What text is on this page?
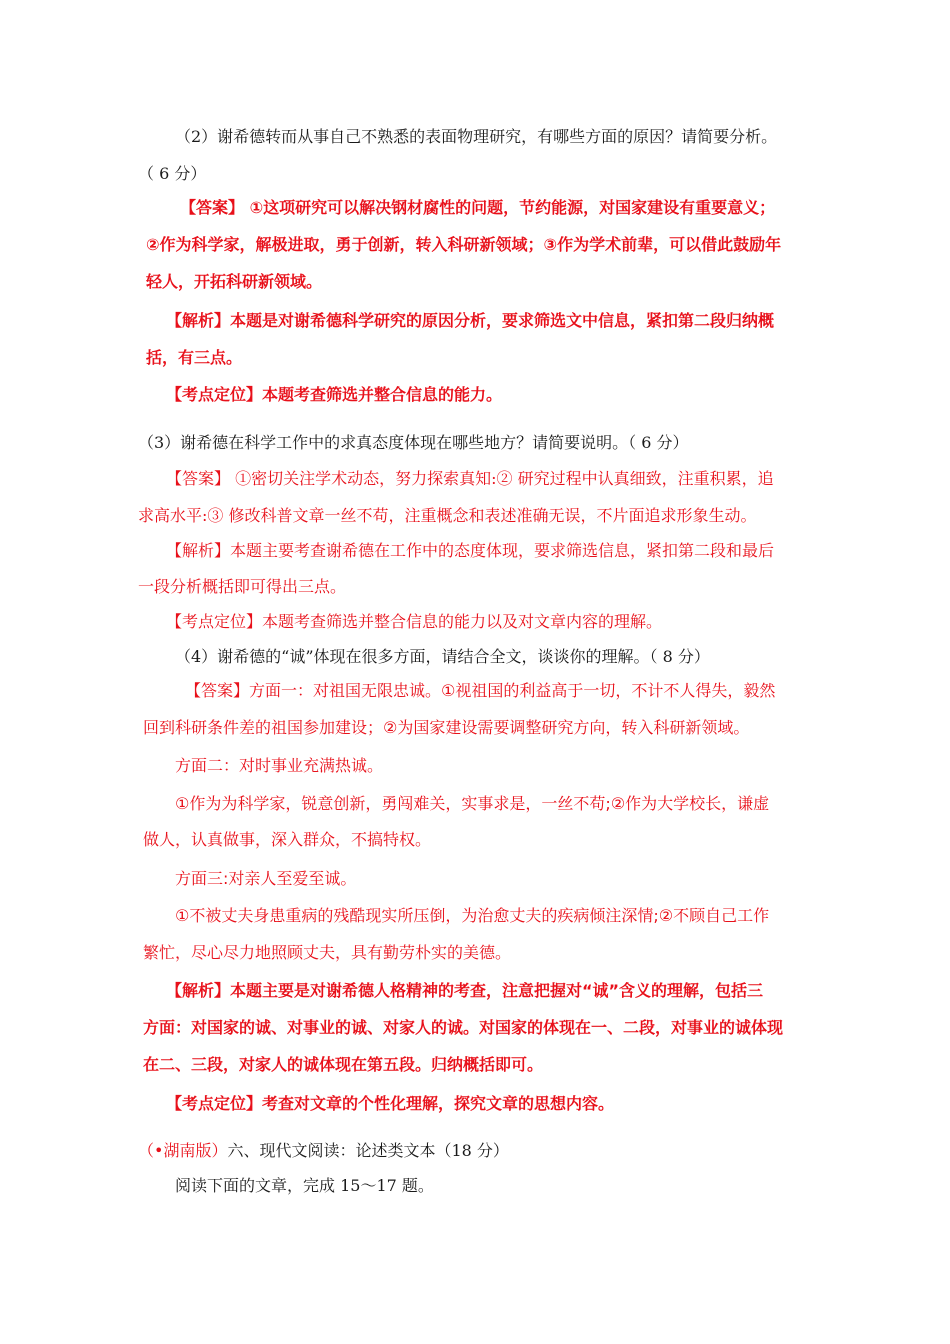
（2）谢希德转而从事自己不熟悉的表面物理研究，有哪些方面的原因？请简要分析。
（ 6 分）
【答案】 ①这项研究可以解决钢材腐性的问题，节约能源，对国家建设有重要意义；
②作为科学家，解极进取，勇于创新，转入科研新领域；③作为学术前辈，可以借此鼓励年
轻人，开拓科研新领域。
【解析】本题是对谢希德科学研究的原因分析，要求筛选文中信息，紧扣第二段归纳概
括，有三点。
【考点定位】本题考查筛选并整合信息的能力。
（3）谢希德在科学工作中的求真态度体现在哪些地方？请简要说明。（ 6 分）
【答案】 ①密切关注学术动态，努力探索真知:② 研究过程中认真细致，注重积累，追
求高水平:③ 修改科普文章一丝不苟，注重概念和表述准确无误，不片面追求形象生动。
【解析】本题主要考查谢希德在工作中的态度体现，要求筛选信息，紧扣第二段和最后
一段分析概括即可得出三点。
【考点定位】本题考查筛选并整合信息的能力以及对文章内容的理解。
（4）谢希德的“诚”体现在很多方面，请结合全文，谈谈你的理解。（ 8 分）
【答案】方面一：对祖国无限忠诚。①视祖国的利益高于一切，不计不人得失，毅然
回到科研条件差的祖国参加建设；②为国家建设需要调整研究方向，转入科研新领域。
方面二：对时事业充满热诚。
①作为为科学家，锐意创新，勇闯难关，实事求是，一丝不苟;②作为大学校长，谦虚
做人，认真做事，深入群众，不搞特权。
方面三:对亲人至爱至诚。
①不被丈夫身患重病的残酷现实所压倒，为治愈丈夫的疾病倾注深情;②不顾自己工作
繁忙，尽心尽力地照顾丈夫，具有勤劳朴实的美德。
【解析】本题主要是对谢希德人格精神的考查，注意把握对“诚”含义的理解，包括三
方面：对国家的诚、对事业的诚、对家人的诚。对国家的体现在一、二段，对事业的诚体现
在二、三段，对家人的诚体现在第五段。归纳概括即可。
【考点定位】考查对文章的个性化理解，探究文章的思想内容。
（•湖南版）六、现代文阅读：论述类文本（18 分）
阅读下面的文章，完成 15～17 题。
